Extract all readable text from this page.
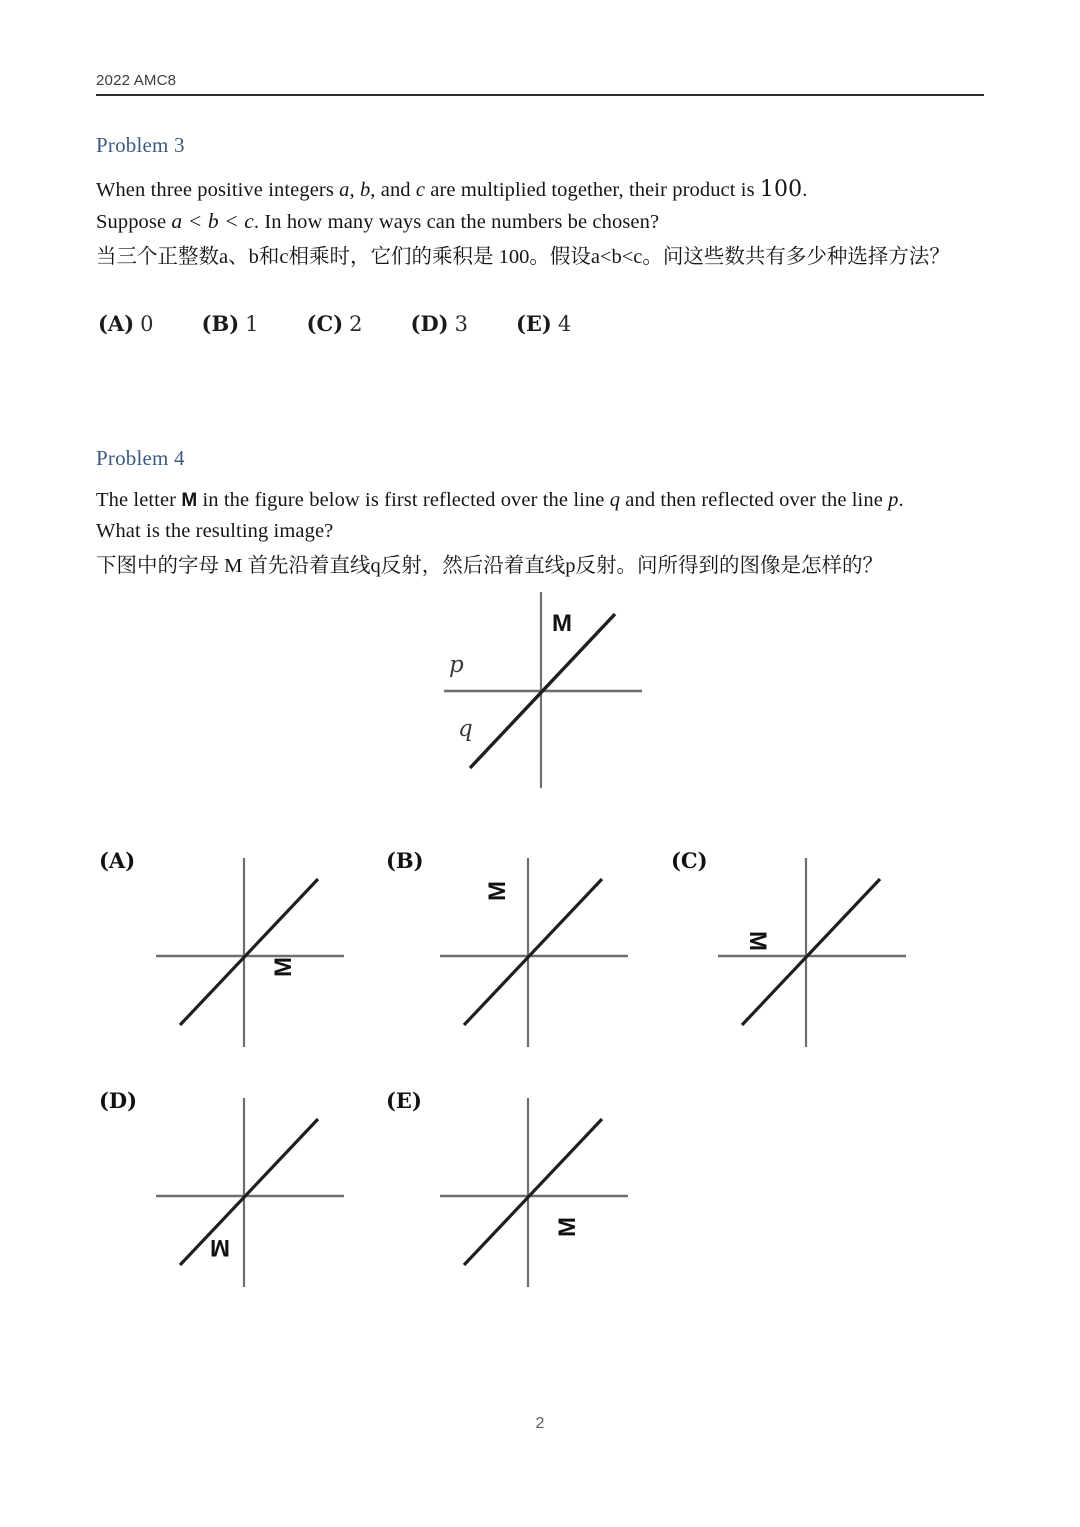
2022 AMC8
Problem 3
When three positive integers a, b, and c are multiplied together, their product is 100.
Suppose a < b < c. In how many ways can the numbers be chosen?
当三个正整数a、b和c相乘时，它们的乘积是 100。假设a<b<c。问这些数共有多少种选择方法？
(A) 0 (B) 1 (C) 2 (D) 3 (E) 4
Problem 4
The letter M in the figure below is first reflected over the line q and then reflected over the line p.
What is the resulting image?
下图中的字母 M 首先沿着直线q反射，然后沿着直线p反射。问所得到的图像是怎样的？
p
q
M
(A)
M
(B)
M
(C)
M
(D)
M
(E)
M
2
